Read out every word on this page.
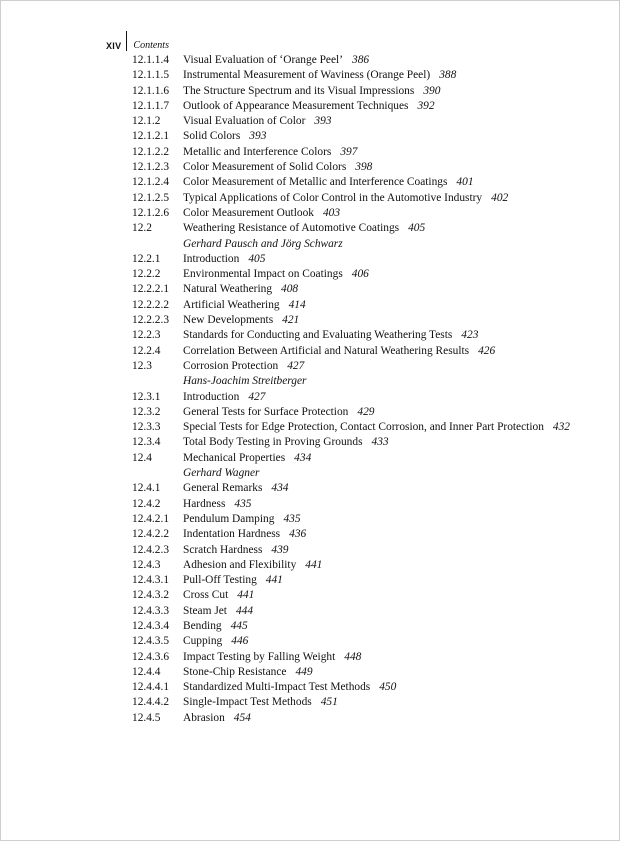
XIV	Contents
12.1.1.4	Visual Evaluation of ‘Orange Peel’ 386
12.1.1.5	Instrumental Measurement of Waviness (Orange Peel) 388
12.1.1.6	The Structure Spectrum and its Visual Impressions 390
12.1.1.7	Outlook of Appearance Measurement Techniques 392
12.1.2	Visual Evaluation of Color 393
12.1.2.1	Solid Colors 393
12.1.2.2	Metallic and Interference Colors 397
12.1.2.3	Color Measurement of Solid Colors 398
12.1.2.4	Color Measurement of Metallic and Interference Coatings 401
12.1.2.5	Typical Applications of Color Control in the Automotive Industry 402
12.1.2.6	Color Measurement Outlook 403
12.2	Weathering Resistance of Automotive Coatings 405
Gerhard Pausch and Jörg Schwarz
12.2.1	Introduction 405
12.2.2	Environmental Impact on Coatings 406
12.2.2.1	Natural Weathering 408
12.2.2.2	Artificial Weathering 414
12.2.2.3	New Developments 421
12.2.3	Standards for Conducting and Evaluating Weathering Tests 423
12.2.4	Correlation Between Artificial and Natural Weathering Results 426
12.3	Corrosion Protection 427
Hans-Joachim Streitberger
12.3.1	Introduction 427
12.3.2	General Tests for Surface Protection 429
12.3.3	Special Tests for Edge Protection, Contact Corrosion, and Inner Part Protection 432
12.3.4	Total Body Testing in Proving Grounds 433
12.4	Mechanical Properties 434
Gerhard Wagner
12.4.1	General Remarks 434
12.4.2	Hardness 435
12.4.2.1	Pendulum Damping 435
12.4.2.2	Indentation Hardness 436
12.4.2.3	Scratch Hardness 439
12.4.3	Adhesion and Flexibility 441
12.4.3.1	Pull-Off Testing 441
12.4.3.2	Cross Cut 441
12.4.3.3	Steam Jet 444
12.4.3.4	Bending 445
12.4.3.5	Cupping 446
12.4.3.6	Impact Testing by Falling Weight 448
12.4.4	Stone-Chip Resistance 449
12.4.4.1	Standardized Multi-Impact Test Methods 450
12.4.4.2	Single-Impact Test Methods 451
12.4.5	Abrasion 454
